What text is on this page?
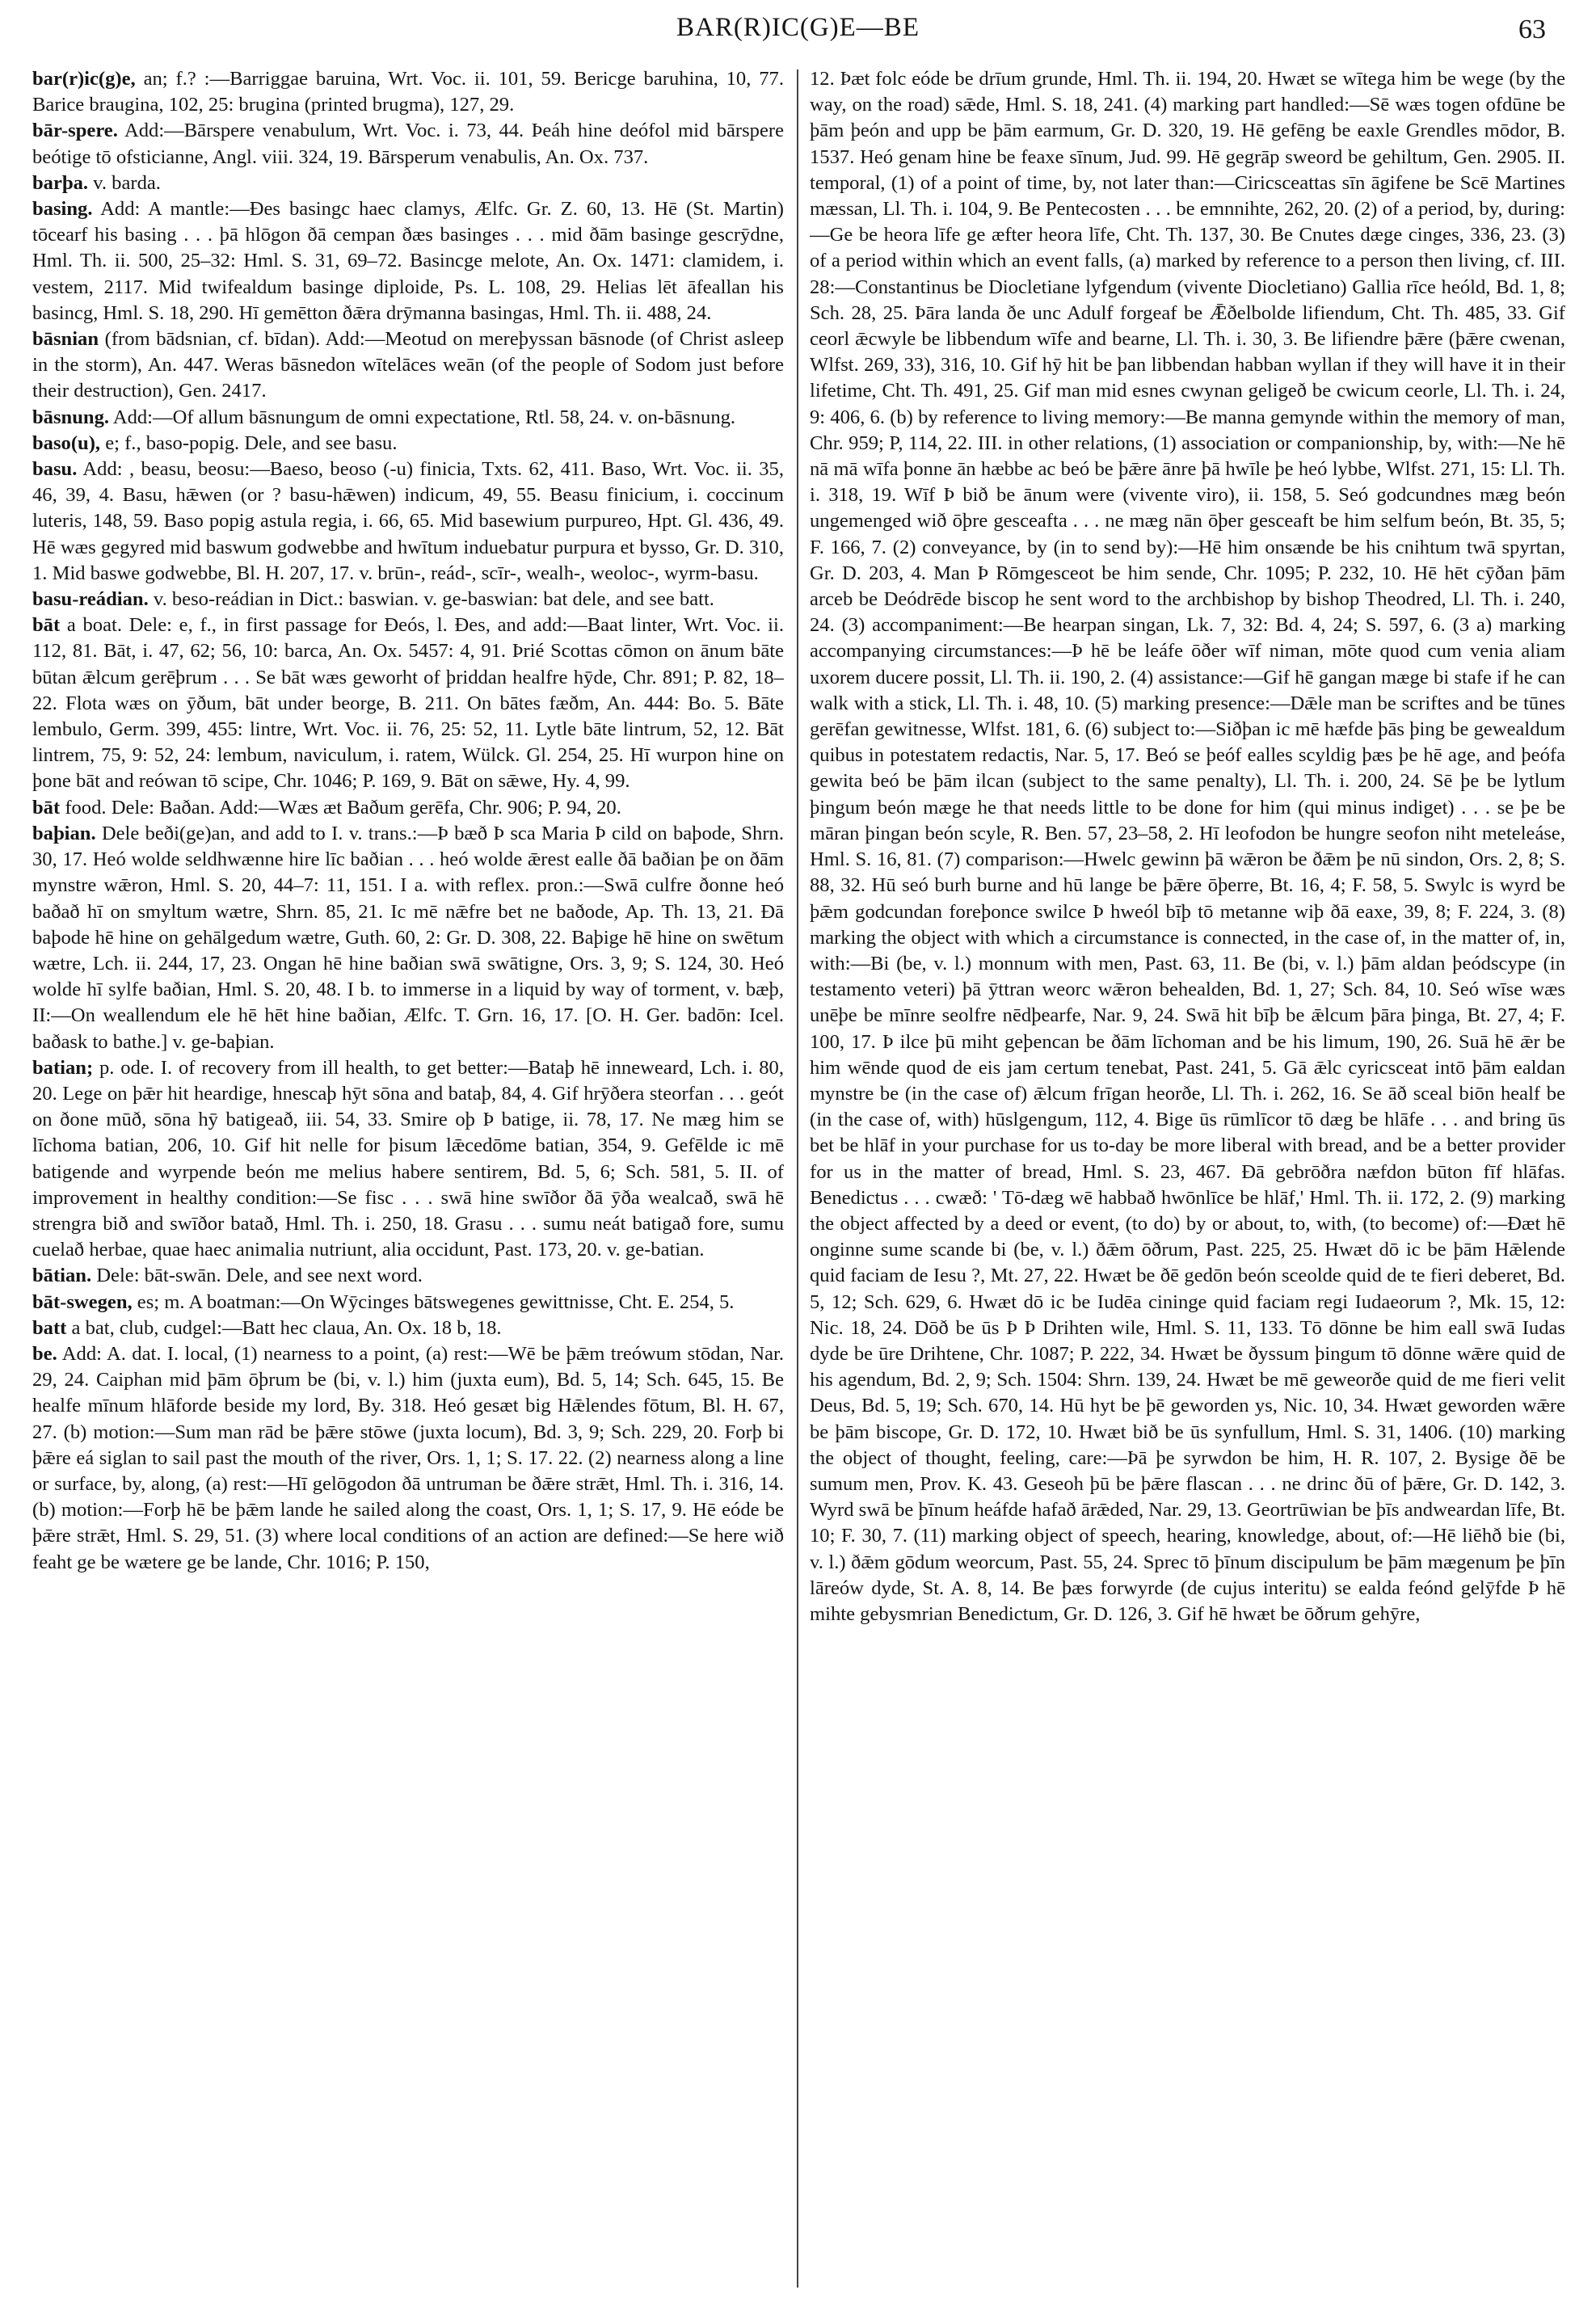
BAR(R)IC(G)E—BE	63

bar(r)ic(g)e, an; f.? :—Barriggae baruina, Wrt. Voc. ii. 101, 59. Bericge baruhina, 10, 77. Barice braugina, 102, 25: brugina (printed brugma), 127, 29.

bār-spere. Add:—Bārspere venabulum, Wrt. Voc. i. 73, 44. Þeáh hine deófol mid bārspere beótige tō ofsticianne, Angl. viii. 324, 19. Bārsperum venabulis, An. Ox. 737.

barþa. v. barda.

basing. Add: A mantle:—Ðes basingc haec clamys, Ælfc. Gr. Z. 60, 13. Hē (St. Martin) tōcearf his basing . . . þā hlōgon ðā cempan ðæs basinges . . . mid ðām basinge gescrȳdne, Hml. Th. ii. 500, 25–32: Hml. S. 31, 69–72. Basincge melote, An. Ox. 1471: clamidem, i. vestem, 2117. Mid twifealdum basinge diploide, Ps. L. 108, 29. Helias lēt āfeallan his basincg, Hml. S. 18, 290. Hī gemētton ðǣra drȳmanna basingas, Hml. Th. ii. 488, 24.

bāsnian (from bādsnian, cf. bīdan). Add:—Meotud on mereþyssan bāsnode (of Christ asleep in the storm), An. 447. Weras bāsnedon wītelāces weān (of the people of Sodom just before their destruction), Gen. 2417.

bāsnung. Add:—Of allum bāsnungum de omni expectatione, Rtl. 58, 24. v. on-bāsnung.

baso(u), e; f., baso-popig. Dele, and see basu.

basu. Add: , beasu, beosu:—Baeso, beoso (-u) finicia, Txts. 62, 411. Baso, Wrt. Voc. ii. 35, 46, 39, 4. Basu, hǣwen (or ? basu-hǣwen) indicum, 49, 55. Beasu finicium, i. coccinum luteris, 148, 59. Baso popig astula regia, i. 66, 65. Mid basewium purpureo, Hpt. Gl. 436, 49. Hē wæs gegyred mid baswum godwebbe and hwītum induebatur purpura et bysso, Gr. D. 310, 1. Mid baswe godwebbe, Bl. H. 207, 17. v. brūn-, reád-, scīr-, wealh-, weoloc-, wyrm-basu.

basu-reádian. v. beso-reádian in Dict.: baswian. v. ge-baswian: bat dele, and see batt.

bāt a boat. Dele: e, f., in first passage for Ðeós, l. Ðes, and add:—Baat linter, Wrt. Voc. ii. 112, 81. Bāt, i. 47, 62; 56, 10: barca, An. Ox. 5457: 4, 91. Þrié Scottas cōmon on ānum bāte būtan ǣlcum gerēþrum . . . Se bāt wæs geworht of þriddan healfre hȳde, Chr. 891; P. 82, 18–22. Flota wæs on ȳðum, bāt under beorge, B. 211. On bātes fæðm, An. 444: Bo. 5. Bāte lembulo, Germ. 399, 455: lintre, Wrt. Voc. ii. 76, 25: 52, 11. Lytle bāte lintrum, 52, 12. Bāt lintrem, 75, 9: 52, 24: lembum, naviculum, i. ratem, Wülck. Gl. 254, 25. Hī wurpon hine on þone bāt and reówan tō scipe, Chr. 1046; P. 169, 9. Bāt on sǣwe, Hy. 4, 99.

bāt food. Dele: Baðan. Add:—Wæs æt Baðum gerēfa, Chr. 906; P. 94, 20.

baþian. Dele beði(ge)an, and add to I. v. trans.:—Þ bæð Þ sca Maria Þ cild on baþode, Shrn. 30, 17. Heó wolde seldhwænne hire līc baðian . . . heó wolde ǣrest ealle ðā baðian þe on ðām mynstre wǣron, Hml. S. 20, 44–7: 11, 151. I a. with reflex. pron.:—Swā culfre ðonne heó baðað hī on smyltum wætre, Shrn. 85, 21. Ic mē nǣfre bet ne baðode, Ap. Th. 13, 21. Ðā baþode hē hine on gehālgedum wætre, Guth. 60, 2: Gr. D. 308, 22. Baþige hē hine on swētum wætre, Lch. ii. 244, 17, 23. Ongan hē hine baðian swā swātigne, Ors. 3, 9; S. 124, 30. Heó wolde hī sylfe baðian, Hml. S. 20, 48. I b. to immerse in a liquid by way of torment, v. bæþ, II:—On weallendum ele hē hēt hine baðian, Ælfc. T. Grn. 16, 17. [O. H. Ger. badōn: Icel. baðask to bathe.] v. ge-baþian.

batian; p. ode. I. of recovery from ill health, to get better:—Bataþ hē inneweard, Lch. i. 80, 20. Lege on þǣr hit heardige, hnescaþ hȳt sōna and bataþ, 84, 4. Gif hrȳðera steorfan . . . geót on ðone mūð, sōna hȳ batigeað, iii. 54, 33. Smire oþ Þ batige, ii. 78, 17. Ne mæg him se līchoma batian, 206, 10. Gif hit nelle for þisum lǣcedōme batian, 354, 9. Gefēlde ic mē batigende and wyrpende beón me melius habere sentirem, Bd. 5, 6; Sch. 581, 5. II. of improvement in healthy condition:—Se fisc . . . swā hine swīðor ðā ȳða wealcað, swā hē strengra bið and swīðor batað, Hml. Th. i. 250, 18. Grasu . . . sumu neát batigað fore, sumu cuelað herbae, quae haec animalia nutriunt, alia occidunt, Past. 173, 20. v. ge-batian.

bātian. Dele: bāt-swān. Dele, and see next word.

bāt-swegen, es; m. A boatman:—On Wȳcinges bātswegenes gewittnisse, Cht. E. 254, 5.

batt a bat, club, cudgel:—Batt hec claua, An. Ox. 18 b, 18.

be. Add: A. dat. I. local, (1) nearness to a point, (a) rest:—Wē be þǣm treówum stōdan, Nar. 29, 24. Caiphan mid þām ōþrum be (bi, v. l.) him (juxta eum), Bd. 5, 14; Sch. 645, 15. Be healfe mīnum hlāforde beside my lord, By. 318. Heó gesæt big Hǣlendes fōtum, Bl. H. 67, 27. (b) motion:—Sum man rād be þǣre stōwe (juxta locum), Bd. 3, 9; Sch. 229, 20. Forþ bi þǣre eá siglan to sail past the mouth of the river, Ors. 1, 1; S. 17. 22. (2) nearness along a line or surface, by, along, (a) rest:—Hī gelōgodon ðā untruman be ðǣre strǣt, Hml. Th. i. 316, 14. (b) motion:—Forþ hē be þǣm lande he sailed along the coast, Ors. 1, 1; S. 17, 9. Hē eóde be þǣre strǣt, Hml. S. 29, 51. (3) where local conditions of an action are defined:—Se here wið feaht ge be wætere ge be lande, Chr. 1016; P. 150,

12. Þæt folc eóde be drīum grunde, Hml. Th. ii. 194, 20. Hwæt se wītega him be wege (by the way, on the road) sǣde, Hml. S. 18, 241. (4) marking part handled:—Sē wæs togen ofdūne be þām þeón and upp be þām earmum, Gr. D. 320, 19. Hē gefēng be eaxle Grendles mōdor, B. 1537. Heó genam hine be feaxe sīnum, Jud. 99. Hē gegrāp sweord be gehiltum, Gen. 2905. II. temporal, (1) of a point of time, by, not later than:—Ciricsceattas sīn āgifene be Scē Martines mæssan, Ll. Th. i. 104, 9. Be Pentecosten . . . be emnnihte, 262, 20. (2) of a period, by, during:—Ge be heora līfe ge æfter heora līfe, Cht. Th. 137, 30. Be Cnutes dæge cinges, 336, 23. (3) of a period within which an event falls, (a) marked by reference to a person then living, cf. III. 28:—Constantinus be Diocletiane lyfgendum (vivente Diocletiano) Gallia rīce heóld, Bd. 1, 8; Sch. 28, 25. Þāra landa ðe unc Adulf forgeaf be Ǣðelbolde lifiendum, Cht. Th. 485, 33. Gif ceorl ǣcwyle be libbendum wīfe and bearne, Ll. Th. i. 30, 3. Be lifiendre þǣre (þǣre cwenan, Wlfst. 269, 33), 316, 10. Gif hȳ hit be þan libbendan habban wyllan if they will have it in their lifetime, Cht. Th. 491, 25. Gif man mid esnes cwynan geligeð be cwicum ceorle, Ll. Th. i. 24, 9: 406, 6. (b) by reference to living memory:—Be manna gemynde within the memory of man, Chr. 959; P, 114, 22. III. in other relations, (1) association or companionship, by, with:—Ne hē nā mā wīfa þonne ān hæbbe ac beó be þǣre ānre þā hwīle þe heó lybbe, Wlfst. 271, 15: Ll. Th. i. 318, 19. Wīf Þ bið be ānum were (vivente viro), ii. 158, 5. Seó godcundnes mæg beón ungemenged wið ōþre gesceafta . . . ne mæg nān ōþer gesceaft be him selfum beón, Bt. 35, 5; F. 166, 7. (2) conveyance, by (in to send by):—Hē him onsænde be his cnihtum twā spyrtan, Gr. D. 203, 4. Man Þ Rōmgesceot be him sende, Chr. 1095; P. 232, 10. Hē hēt cȳðan þām arceb be Deódrēde biscop he sent word to the archbishop by bishop Theodred, Ll. Th. i. 240, 24. (3) accompaniment:—Be hearpan singan, Lk. 7, 32: Bd. 4, 24; S. 597, 6. (3 a) marking accompanying circumstances:—Þ hē be leáfe ōðer wīf niman, mōte quod cum venia aliam uxorem ducere possit, Ll. Th. ii. 190, 2. (4) assistance:—Gif hē gangan mæge bi stafe if he can walk with a stick, Ll. Th. i. 48, 10. (5) marking presence:—Dǣle man be scriftes and be tūnes gerēfan gewitnesse, Wlfst. 181, 6. (6) subject to:—Siðþan ic mē hæfde þās þing be gewealdum quibus in potestatem redactis, Nar. 5, 17. Beó se þeóf ealles scyldig þæs þe hē age, and þeófa gewita beó be þām ilcan (subject to the same penalty), Ll. Th. i. 200, 24. Sē þe be lytlum þingum beón mæge he that needs little to be done for him (qui minus indiget) . . . se þe be māran þingan beón scyle, R. Ben. 57, 23–58, 2. Hī leofodon be hungre seofon niht meteleáse, Hml. S. 16, 81. (7) comparison:—Hwelc gewinn þā wǣron be ðǣm þe nū sindon, Ors. 2, 8; S. 88, 32. Hū seó burh burne and hū lange be þǣre ōþerre, Bt. 16, 4; F. 58, 5. Swylc is wyrd be þǣm godcundan foreþonce swilce Þ hweól bīþ tō metanne wiþ ðā eaxe, 39, 8; F. 224, 3. (8) marking the object with which a circumstance is connected, in the case of, in the matter of, in, with:—Bi (be, v. l.) monnum with men, Past. 63, 11. Be (bi, v. l.) þām aldan þeódscype (in testamento veteri) þā ȳttran weorc wǣron behealden, Bd. 1, 27; Sch. 84, 10. Seó wīse wæs unēþe be mīnre seolfre nēdþearfe, Nar. 9, 24. Swā hit bīþ be ǣlcum þāra þinga, Bt. 27, 4; F. 100, 17. Þ ilce þū miht geþencan be ðām līchoman and be his limum, 190, 26. Suā hē ǣr be him wēnde quod de eis jam certum tenebat, Past. 241, 5. Gā ǣlc cyricsceat intō þām ealdan mynstre be (in the case of) ǣlcum frīgan heorðe, Ll. Th. i. 262, 16. Se āð sceal biōn healf be (in the case of, with) hūslgengum, 112, 4. Bige ūs rūmlīcor tō dæg be hlāfe . . . and bring ūs bet be hlāf in your purchase for us to-day be more liberal with bread, and be a better provider for us in the matter of bread, Hml. S. 23, 467. Ðā gebrōðra næfdon būton fīf hlāfas. Benedictus . . . cwæð: ' Tō-dæg wē habbað hwōnlīce be hlāf,' Hml. Th. ii. 172, 2. (9) marking the object affected by a deed or event, (to do) by or about, to, with, (to become) of:—Ðæt hē onginne sume scande bi (be, v. l.) ðǣm ōðrum, Past. 225, 25. Hwæt dō ic be þām Hǣlende quid faciam de Iesu ?, Mt. 27, 22. Hwæt be ðē gedōn beón sceolde quid de te fieri deberet, Bd. 5, 12; Sch. 629, 6. Hwæt dō ic be Iudēa cininge quid faciam regi Iudaeorum ?, Mk. 15, 12: Nic. 18, 24. Dōð be ūs Þ Þ Drihten wile, Hml. S. 11, 133. Tō dōnne be him eall swā Iudas dyde be ūre Drihtene, Chr. 1087; P. 222, 34. Hwæt be ðyssum þingum tō dōnne wǣre quid de his agendum, Bd. 2, 9; Sch. 1504: Shrn. 139, 24. Hwæt be mē geweorðe quid de me fieri velit Deus, Bd. 5, 19; Sch. 670, 14. Hū hyt be þē geworden ys, Nic. 10, 34. Hwæt geworden wǣre be þām biscope, Gr. D. 172, 10. Hwæt bið be ūs synfullum, Hml. S. 31, 1406. (10) marking the object of thought, feeling, care:—Þā þe syrwdon be him, H. R. 107, 2. Bysige ðē be sumum men, Prov. K. 43. Geseoh þū be þǣre flascan . . . ne drinc ðū of þǣre, Gr. D. 142, 3. Wyrd swā be þīnum heáfde hafað ārǣded, Nar. 29, 13. Geortrūwian be þīs andweardan līfe, Bt. 10; F. 30, 7. (11) marking object of speech, hearing, knowledge, about, of:—Hē liēhð bie (bi, v. l.) ðǣm gōdum weorcum, Past. 55, 24. Sprec tō þīnum discipulum be þām mægenum þe þīn lāreów dyde, St. A. 8, 14. Be þæs forwyrde (de cujus interitu) se ealda feónd gelȳfde Þ hē mihte gebysmrian Benedictum, Gr. D. 126, 3. Gif hē hwæt be ōðrum gehȳre,
